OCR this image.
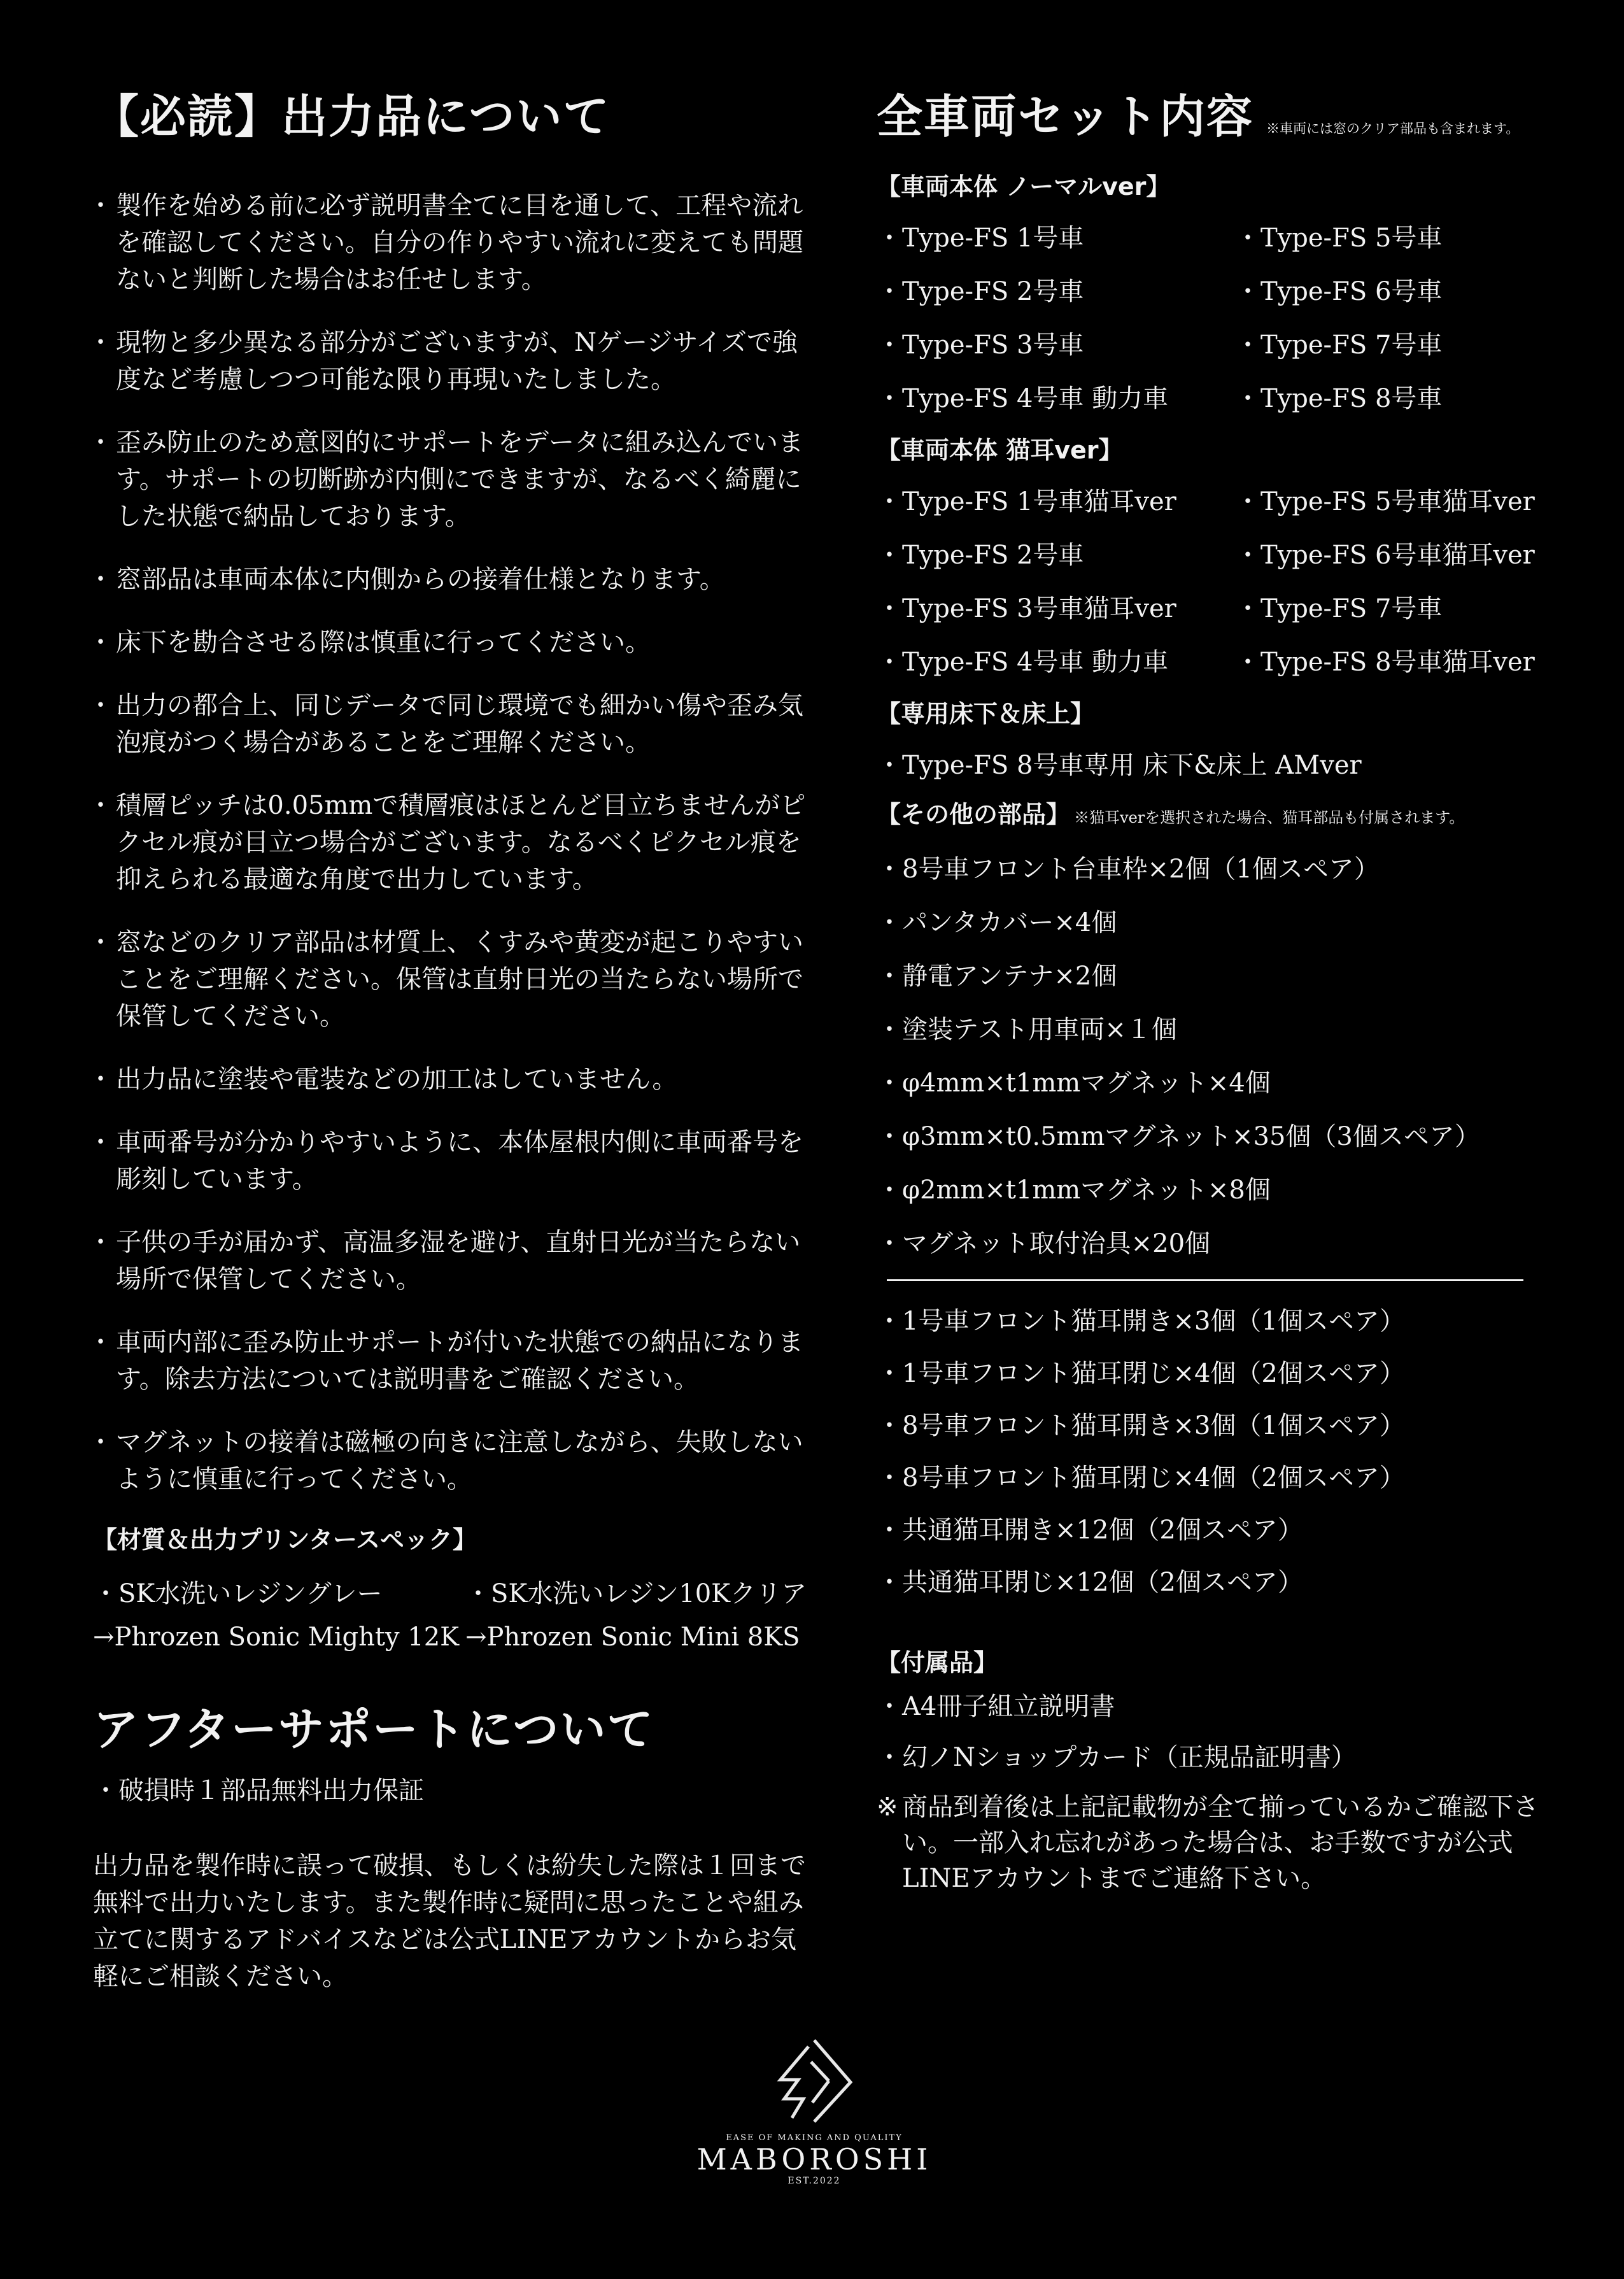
【必読】出力品について
・ 製作を始める前に必ず説明書全てに目を通して、工程や流れを確認してください。自分の作りやすい流れに変えても問題ないと判断した場合はお任せします。
・ 現物と多少異なる部分がございますが、Nゲージサイズで強度など考慮しつつ可能な限り再現いたしました。
・ 歪み防止のため意図的にサポートをデータに組み込んでいます。サポートの切断跡が内側にできますが、なるべく綺麗にした状態で納品しております。
・ 窓部品は車両本体に内側からの接着仕様となります。
・ 床下を勘合させる際は慎重に行ってください。
・ 出力の都合上、同じデータで同じ環境でも細かい傷や歪み気泡痕がつく場合があることをご理解ください。
・ 積層ピッチは0.05mmで積層痕はほとんど目立ちませんがピクセル痕が目立つ場合がございます。なるべくピクセル痕を抑えられる最適な角度で出力しています。
・ 窓などのクリア部品は材質上、くすみや黄変が起こりやすいことをご理解ください。保管は直射日光の当たらない場所で保管してください。
・ 出力品に塗装や電装などの加工はしていません。
・ 車両番号が分かりやすいように、本体屋根内側に車両番号を彫刻しています。
・ 子供の手が届かず、高温多湿を避け、直射日光が当たらない場所で保管してください。
・ 車両内部に歪み防止サポートが付いた状態での納品になります。除去方法については説明書をご確認ください。
・ マグネットの接着は磁極の向きに注意しながら、失敗しないように慎重に行ってください。

【材質＆出力プリンタースペック】

・SK水洗いレジングレー	・SK水洗いレジン10Kクリア
→Phrozen Sonic Mighty 12K →Phrozen Sonic Mini 8KS
アフターサポートについて

・破損時１部品無料出力保証

出力品を製作時に誤って破損、もしくは紛失した際は１回まで無料で出力いたします。また製作時に疑問に思ったことや組み立てに関するアドバイスなどは公式LINEアカウントからお気軽にご相談ください。

全車両セット内容 ※車両には窓のクリア部品も含まれます。

【車両本体 ノーマルver】

・Type-FS 1号車	・Type-FS 5号車
・Type-FS 2号車	・Type-FS 6号車
・Type-FS 3号車	・Type-FS 7号車
・Type-FS 4号車 動力車	・Type-FS 8号車

【車両本体 猫耳ver】

・Type-FS 1号車猫耳ver	・Type-FS 5号車猫耳ver
・Type-FS 2号車	・Type-FS 6号車猫耳ver
・Type-FS 3号車猫耳ver	・Type-FS 7号車
・Type-FS 4号車 動力車	・Type-FS 8号車猫耳ver

【専用床下＆床上】

・Type-FS 8号車専用 床下&床上 AMver

【その他の部品】 ※猫耳verを選択された場合、猫耳部品も付属されます。

・8号車フロント台車枠×2個（1個スペア）
・パンタカバー×4個
・静電アンテナ×2個
・塗装テスト用車両×１個
・φ4mm×t1mmマグネット×4個
・φ3mm×t0.5mmマグネット×35個（3個スペア）
・φ2mm×t1mmマグネット×8個
・マグネット取付治具×20個
・1号車フロント猫耳開き×3個（1個スペア）
・1号車フロント猫耳閉じ×4個（2個スペア）
・8号車フロント猫耳開き×3個（1個スペア）
・8号車フロント猫耳閉じ×4個（2個スペア）
・共通猫耳開き×12個（2個スペア）
・共通猫耳閉じ×12個（2個スペア）

【付属品】

・A4冊子組立説明書
・幻ノNショップカード（正規品証明書）
※ 商品到着後は上記記載物が全て揃っているかご確認下さい。一部入れ忘れがあった場合は、お手数ですが公式LINEアカウントまでご連絡下さい。
EASE OF MAKING AND QUALITY
MABOROSHI
EST.2022
